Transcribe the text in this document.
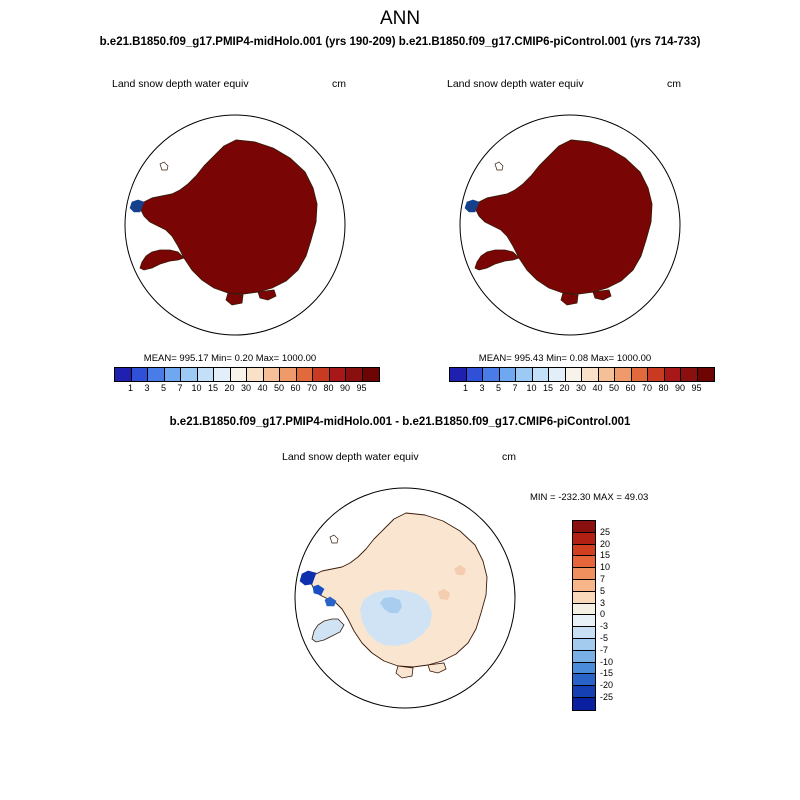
ANN
b.e21.B1850.f09_g17.PMIP4-midHolo.001 (yrs 190-209) b.e21.B1850.f09_g17.CMIP6-piControl.001 (yrs 714-733)
Land snow depth water equiv	cm
MEAN= 995.17 Min= 0.20 Max= 1000.00
1 3 5 7 10 15 20 30 40 50 60 70 80 90 95
Land snow depth water equiv	cm
MEAN= 995.43 Min= 0.08 Max= 1000.00
1 3 5 7 10 15 20 30 40 50 60 70 80 90 95
b.e21.B1850.f09_g17.PMIP4-midHolo.001 - b.e21.B1850.f09_g17.CMIP6-piControl.001
Land snow depth water equiv	cm
MIN = -232.30 MAX = 49.03
25
20
15
10
7
5
3
0
-3
-5
-7
-10
-15
-20
-25
